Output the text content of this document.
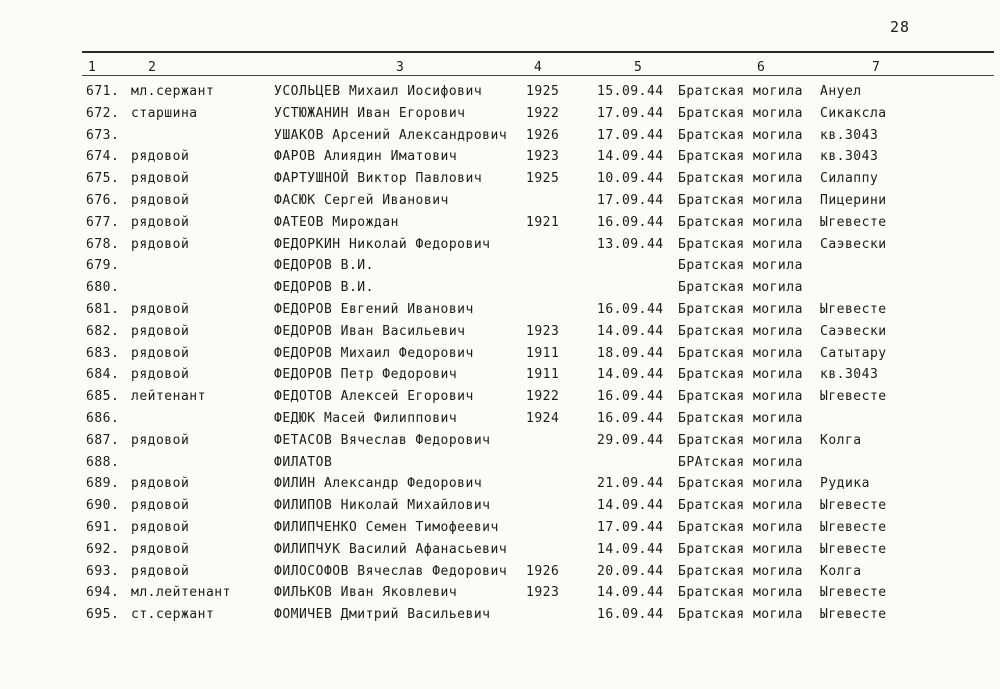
28
1	2	3	4	5	6	7
671. мл.сержант	УСОЛЬЦЕВ Михаил Иосифович	1925	15.09.44 Братская могила Ануел
672. старшина	УСТЮЖАНИН Иван Егорович	1922	17.09.44 Братская могила Сикаксла
673.	УШАКОВ Арсений Александрович 1926	17.09.44 Братская могила кв.3043
674. рядовой	ФАРОВ Алиядин Иматович	1923	14.09.44 Братская могила кв.3043
675. рядовой	ФАРТУШНОЙ Виктор Павлович	1925	10.09.44 Братская могила Силаппу
676. рядовой	ФАСЮК Сергей Иванович	17.09.44 Братская могила Пицерини
677. рядовой	ФАТЕОВ Мирождан	1921	16.09.44 Братская могила Ыгевесте
678. рядовой	ФЕДОРКИН Николай Федорович	13.09.44 Братская могила Саэвески
679.	ФЕДОРОВ В.И.	Братская могила
680.	ФЕДОРОВ В.И.	Братская могила
681. рядовой	ФЕДОРОВ Евгений Иванович	16.09.44 Братская могила Ыгевесте
682. рядовой	ФЕДОРОВ Иван Васильевич	1923	14.09.44 Братская могила Саэвески
683. рядовой	ФЕДОРОВ Михаил Федорович	1911	18.09.44 Братская могила Сатытару
684. рядовой	ФЕДОРОВ Петр Федорович	1911	14.09.44 Братская могила кв.3043
685. лейтенант	ФЕДОТОВ Алексей Егорович	1922	16.09.44 Братская могила Ыгевесте
686.	ФЕДЮК Масей Филиппович	1924	16.09.44 Братская могила
687. рядовой	ФЕТАСОВ Вячеслав Федорович	29.09.44 Братская могила Колга
688.	ФИЛАТОВ	БРАтская могила
689. рядовой	ФИЛИН Александр Федорович	21.09.44 Братская могила Рудика
690. рядовой	ФИЛИПОВ Николай Михайлович	14.09.44 Братская могила Ыгевесте
691. рядовой	ФИЛИПЧЕНКО Семен Тимофеевич	17.09.44 Братская могила Ыгевесте
692. рядовой	ФИЛИПЧУК Василий Афанасьевич	14.09.44 Братская могила Ыгевесте
693. рядовой	ФИЛОСОФОВ Вячеслав Федорович 1926	20.09.44 Братская могила Колга
694. мл.лейтенант	ФИЛЬКОВ Иван Яковлевич	1923	14.09.44 Братская могила Ыгевесте
695. ст.сержант	ФОМИЧЕВ Дмитрий Васильевич	16.09.44 Братская могила Ыгевесте
